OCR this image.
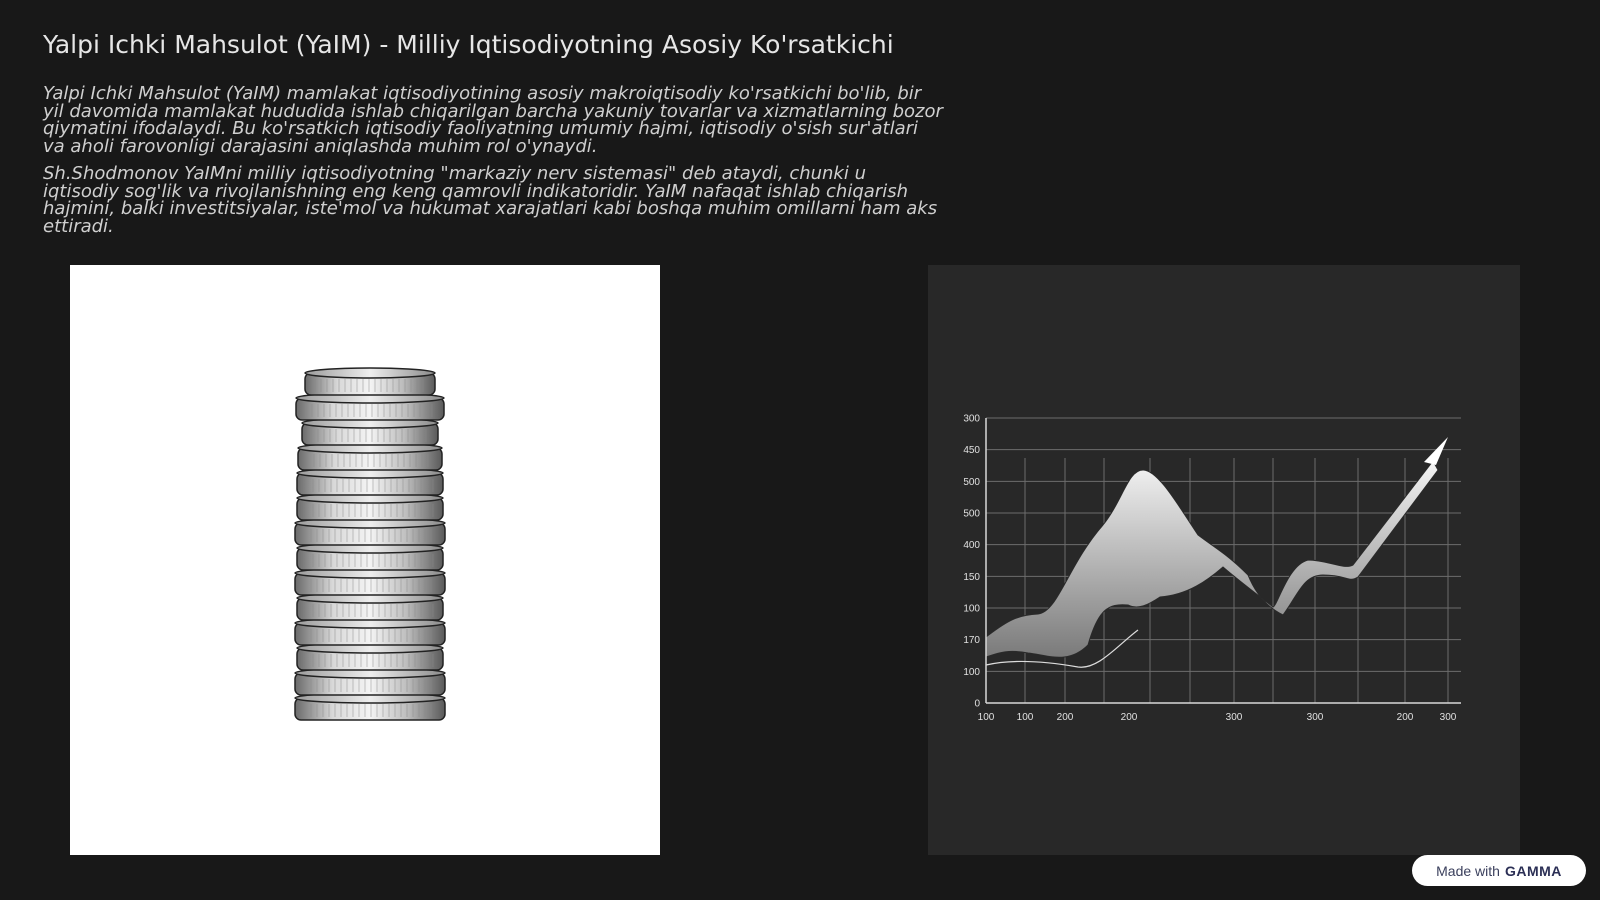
Yalpi Ichki Mahsulot (YaIM) - Milliy Iqtisodiyotning Asosiy Ko'rsatkichi

Yalpi Ichki Mahsulot (YaIM) mamlakat iqtisodiyotining asosiy makroiqtisodiy ko'rsatkichi bo'lib, bir yil davomida mamlakat hududida ishlab chiqarilgan barcha yakuniy tovarlar va xizmatlarning bozor qiymatini ifodalaydi. Bu ko'rsatkich iqtisodiy faoliyatning umumiy hajmi, iqtisodiy o'sish sur'atlari va aholi farovonligi darajasini aniqlashda muhim rol o'ynaydi.

Sh.Shodmonov YaIMni milliy iqtisodiyotning "markaziy nerv sistemasi" deb ataydi, chunki u iqtisodiy sog'lik va rivojlanishning eng keng qamrovli indikatoridir. YaIM nafaqat ishlab chiqarish hajmini, balki investitsiyalar, iste'mol va hukumat xarajatlari kabi boshqa muhim omillarni ham aks ettiradi.

300
450
500
500
400
150
100
170
100
0
100 100 200	200	300	300	200	300
Made with GAMMA
